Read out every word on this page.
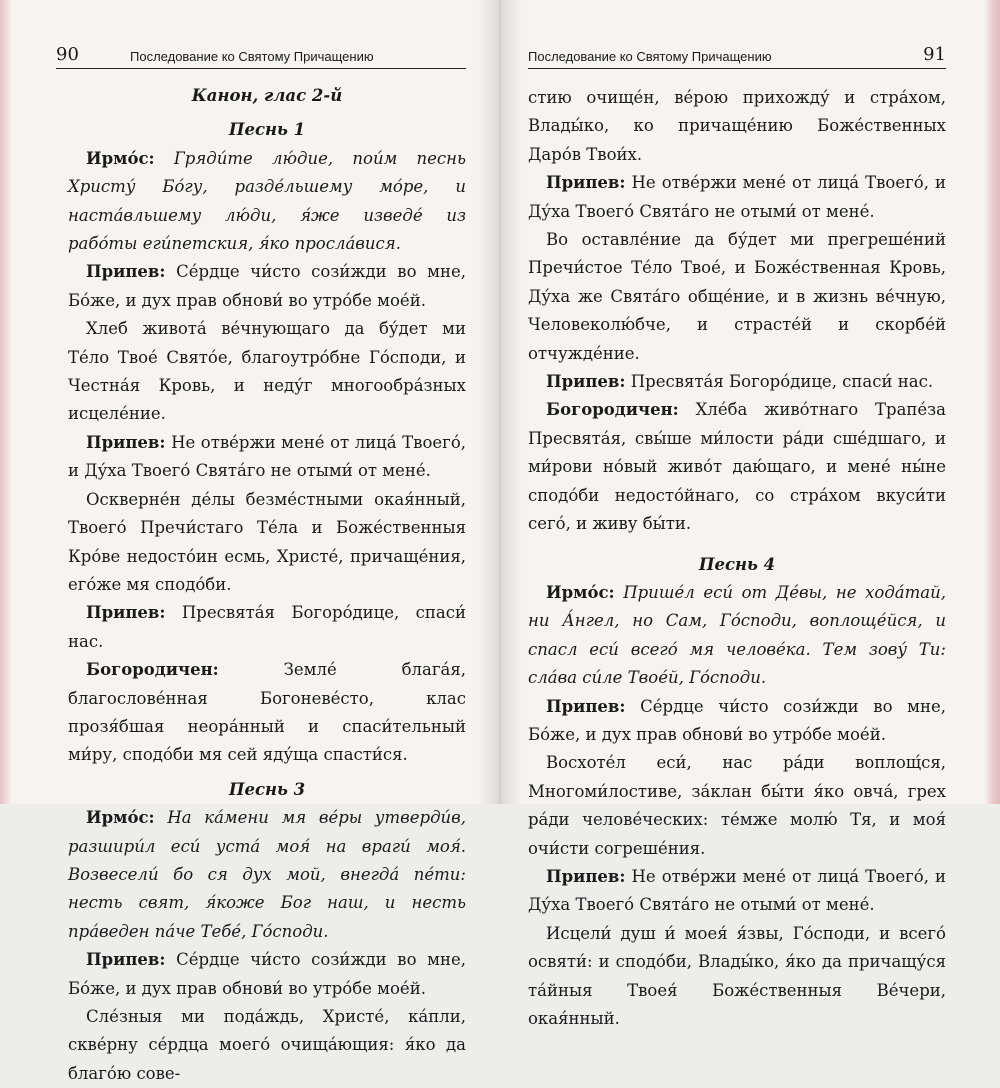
90	Последование ко Святому Причащению

Канон, глас 2-й

Песнь 1

Ирмо́с: Гряди́те лю́дие, пои́м песнь Христу́ Бо́гу, разде́льшему мо́ре, и наста́вльшему лю́ди, я́же изведе́ из рабо́ты еги́петския, я́ко просла́вися.

Припев: Се́рдце чи́сто сози́жди во мне, Бо́же, и дух прав обнови́ во утро́бе мое́й.

Хлеб живота́ ве́чнующаго да бу́дет ми Те́ло Твое́ Свято́е, благоутро́бне Го́споди, и Честна́я Кровь, и неду́г многообра́зных исцеле́ние.

Припев: Не отве́ржи мене́ от лица́ Твоего́, и Ду́ха Твоего́ Свята́го не отыми́ от мене́.

Оскверне́н де́лы безме́стными окая́нный, Твоего́ Пречи́стаго Те́ла и Боже́ственныя Кро́ве недосто́ин есмь, Христе́, причаще́ния, его́же мя сподо́би.

Припев: Пресвята́я Богоро́дице, спаси́ нас.

Богородичен:	Земле́ блага́я, благослове́нная Богоневе́сто, клас прозя́бшая неора́нный и спаси́тельный ми́ру, сподо́би мя сей яду́ща спасти́ся.

Песнь 3

Ирмо́с: На ка́мени мя ве́ры утверди́в, разшири́л еси́ уста́ моя́ на враги́ моя́. Возвесели́ бо ся дух мой, внегда́ пе́ти: несть свят, я́коже Бог наш, и несть пра́веден па́че Тебе́, Го́споди.

Припев: Се́рдце чи́сто сози́жди во мне, Бо́же, и дух прав обнови́ во утро́бе мое́й.

Сле́зныя ми пода́ждь, Христе́, ка́пли, скве́рну се́рдца моего́ очища́ющия: я́ко да благо́ю сове-

Последование ко Святому Причащению	91

стию очище́н, ве́рою прихожду́ и стра́хом, Влады́ко, ко причаще́нию Боже́ственных Даро́в Твои́х.

Припев: Не отве́ржи мене́ от лица́ Твоего́, и Ду́ха Твоего́ Свята́го не отыми́ от мене́.

Во оставле́ние да бу́дет ми прегреше́ний Пречи́стое Те́ло Твое́, и Боже́ственная Кровь, Ду́ха же Свята́го обще́ние, и в жизнь ве́чную, Человеколю́бче, и страсте́й и скорбе́й отчужде́ние.

Припев: Пресвята́я Богоро́дице, спаси́ нас.

Богородичен: Хле́ба живо́тнаго Трапе́за Пресвята́я, свы́ше ми́лости ра́ди сше́дшаго, и ми́рови но́вый живо́т даю́щаго, и мене́ ны́не сподо́би недосто́йнаго, со стра́хом вкуси́ти сего́, и живу бы́ти.

Песнь 4

Ирмо́с: Прише́л еси́ от Де́вы, не хода́тай, ни А́нгел, но Сам, Го́споди, воплоще́йся, и спасл еси́ всего́ мя челове́ка. Тем зову́ Ти: сла́ва си́ле Твое́й, Го́споди.

Припев: Се́рдце чи́сто сози́жди во мне, Бо́же, и дух прав обнови́ во утро́бе мое́й.

Восхоте́л еси́, нас ра́ди воплощ́ся, Многоми́лостиве, за́клан бы́ти я́ко овча́, грех ра́ди челове́ческих: те́мже молю́ Тя, и моя́ очи́сти согреше́ния.

Припев: Не отве́ржи мене́ от лица́ Твоего́, и Ду́ха Твоего́ Свята́го не отыми́ от мене́.

Исцели́ душ и́ моея́ я́звы, Го́споди, и всего́ освяти́: и сподо́би, Влады́ко, я́ко да причащу́ся та́йныя Твоея́ Боже́ственныя Ве́чери, окая́нный.
